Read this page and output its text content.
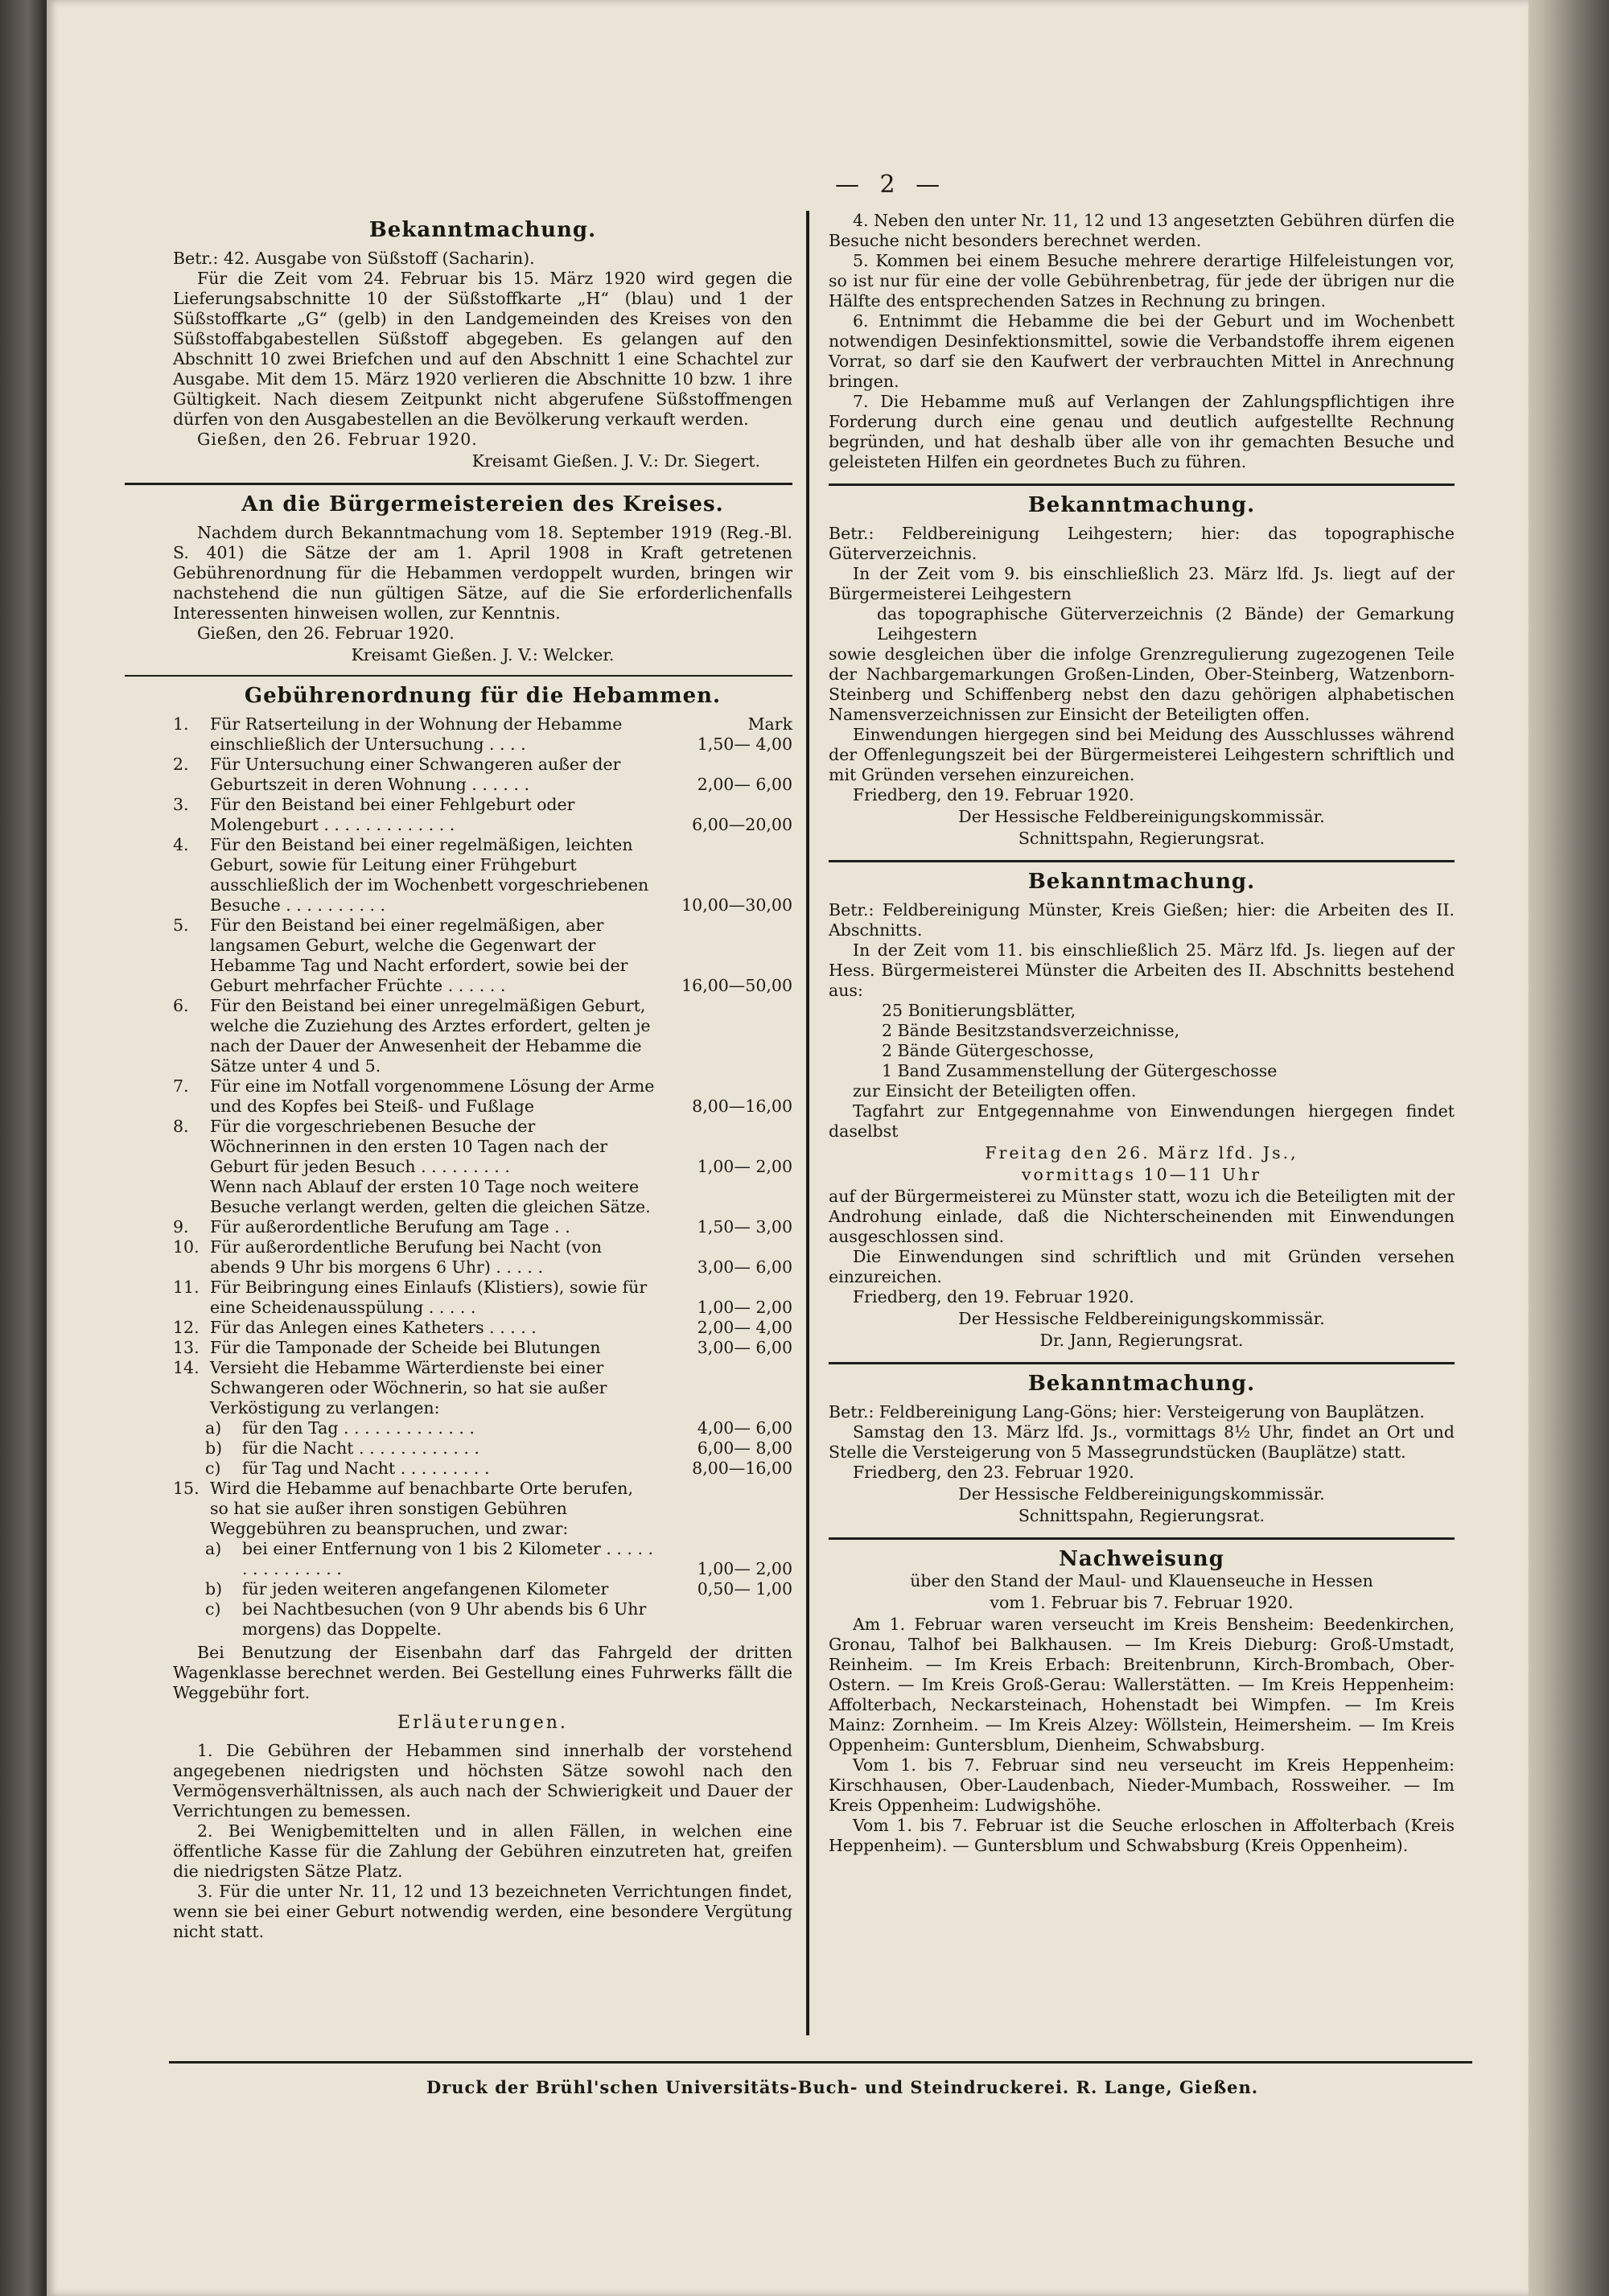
— 2 —
Bekanntmachung.

Betr.: 42. Ausgabe von Süßstoff (Sacharin).

Für die Zeit vom 24. Februar bis 15. März 1920 wird gegen die Lieferungsabschnitte 10 der Süßstoffkarte „H“ (blau) und 1 der Süßstoffkarte „G“ (gelb) in den Landgemeinden des Kreises von den Süßstoffabgabestellen Süßstoff abgegeben. Es gelangen auf den Abschnitt 10 zwei Briefchen und auf den Abschnitt 1 eine Schachtel zur Ausgabe. Mit dem 15. März 1920 verlieren die Abschnitte 10 bzw. 1 ihre Gültigkeit. Nach diesem Zeitpunkt nicht abgerufene Süßstoffmengen dürfen von den Ausgabestellen an die Bevölkerung verkauft werden.

Gießen, den 26. Februar 1920.

Kreisamt Gießen. J. V.: Dr. Siegert.
An die Bürgermeistereien des Kreises.

Nachdem durch Bekanntmachung vom 18. September 1919 (Reg.-Bl. S. 401) die Sätze der am 1. April 1908 in Kraft getretenen Gebührenordnung für die Hebammen verdoppelt wurden, bringen wir nachstehend die nun gültigen Sätze, auf die Sie erforderlichenfalls Interessenten hinweisen wollen, zur Kenntnis.

Gießen, den 26. Februar 1920.

Kreisamt Gießen. J. V.: Welcker.
Gebührenordnung für die Hebammen.
Mark
1. Für Ratserteilung in der Wohnung der Hebamme einschließlich der Untersuchung . . . .	1,50— 4,00
2. Für Untersuchung einer Schwangeren außer der Geburtszeit in deren Wohnung . . . . . .	2,00— 6,00
3. Für den Beistand bei einer Fehlgeburt oder Molengeburt . . . . . . . . . . . . .	6,00—20,00
4. Für den Beistand bei einer regelmäßigen, leichten Geburt, sowie für Leitung einer Frühgeburt ausschließlich der im Wochenbett vorgeschriebenen Besuche . . . . . . . . . .	10,00—30,00
5. Für den Beistand bei einer regelmäßigen, aber langsamen Geburt, welche die Gegenwart der Hebamme Tag und Nacht erfordert, sowie bei der Geburt mehrfacher Früchte . . . . . .	16,00—50,00
6. Für den Beistand bei einer unregelmäßigen Geburt, welche die Zuziehung des Arztes erfordert, gelten je nach der Dauer der Anwesenheit der Hebamme die Sätze unter 4 und 5.
7. Für eine im Notfall vorgenommene Lösung der Arme und des Kopfes bei Steiß- und Fußlage	8,00—16,00
8. Für die vorgeschriebenen Besuche der Wöchnerinnen in den ersten 10 Tagen nach der Geburt für jeden Besuch . . . . . . . . .	1,00— 2,00
Wenn nach Ablauf der ersten 10 Tage noch weitere Besuche verlangt werden, gelten die gleichen Sätze.
9. Für außerordentliche Berufung am Tage . .	1,50— 3,00
10. Für außerordentliche Berufung bei Nacht (von abends 9 Uhr bis morgens 6 Uhr) . . . . .	3,00— 6,00
11. Für Beibringung eines Einlaufs (Klistiers), sowie für eine Scheidenausspülung . . . . .	1,00— 2,00
12. Für das Anlegen eines Katheters . . . . .	2,00— 4,00
13. Für die Tamponade der Scheide bei Blutungen	3,00— 6,00
14. Versieht die Hebamme Wärterdienste bei einer Schwangeren oder Wöchnerin, so hat sie außer Verköstigung zu verlangen:
a) für den Tag . . . . . . . . . . . . .	4,00— 6,00
b) für die Nacht . . . . . . . . . . . .	6,00— 8,00
c) für Tag und Nacht . . . . . . . . .	8,00—16,00
15. Wird die Hebamme auf benachbarte Orte berufen, so hat sie außer ihren sonstigen Gebühren Weggebühren zu beanspruchen, und zwar:
a) bei einer Entfernung von 1 bis 2 Kilometer . . . . . . . . . . . . . . .	1,00— 2,00
b) für jeden weiteren angefangenen Kilometer	0,50— 1,00
c) bei Nachtbesuchen (von 9 Uhr abends bis 6 Uhr morgens) das Doppelte.

Bei Benutzung der Eisenbahn darf das Fahrgeld der dritten Wagenklasse berechnet werden. Bei Gestellung eines Fuhrwerks fällt die Weggebühr fort.

Erläuterungen.

1. Die Gebühren der Hebammen sind innerhalb der vorstehend angegebenen niedrigsten und höchsten Sätze sowohl nach den Vermögensverhältnissen, als auch nach der Schwierigkeit und Dauer der Verrichtungen zu bemessen.

2. Bei Wenigbemittelten und in allen Fällen, in welchen eine öffentliche Kasse für die Zahlung der Gebühren einzutreten hat, greifen die niedrigsten Sätze Platz.

3. Für die unter Nr. 11, 12 und 13 bezeichneten Verrichtungen findet, wenn sie bei einer Geburt notwendig werden, eine besondere Vergütung nicht statt.

4. Neben den unter Nr. 11, 12 und 13 angesetzten Gebühren dürfen die Besuche nicht besonders berechnet werden.

5. Kommen bei einem Besuche mehrere derartige Hilfeleistungen vor, so ist nur für eine der volle Gebührenbetrag, für jede der übrigen nur die Hälfte des entsprechenden Satzes in Rechnung zu bringen.

6. Entnimmt die Hebamme die bei der Geburt und im Wochenbett notwendigen Desinfektionsmittel, sowie die Verbandstoffe ihrem eigenen Vorrat, so darf sie den Kaufwert der verbrauchten Mittel in Anrechnung bringen.

7. Die Hebamme muß auf Verlangen der Zahlungspflichtigen ihre Forderung durch eine genau und deutlich aufgestellte Rechnung begründen, und hat deshalb über alle von ihr gemachten Besuche und geleisteten Hilfen ein geordnetes Buch zu führen.

Bekanntmachung.

Betr.: Feldbereinigung Leihgestern; hier: das topographische Güterverzeichnis.

In der Zeit vom 9. bis einschließlich 23. März lfd. Js. liegt auf der Bürgermeisterei Leihgestern

das topographische Güterverzeichnis (2 Bände) der Gemarkung Leihgestern

sowie desgleichen über die infolge Grenzregulierung zugezogenen Teile der Nachbargemarkungen Großen-Linden, Ober-Steinberg, Watzenborn-Steinberg und Schiffenberg nebst den dazu gehörigen alphabetischen Namensverzeichnissen zur Einsicht der Beteiligten offen.

Einwendungen hiergegen sind bei Meidung des Ausschlusses während der Offenlegungszeit bei der Bürgermeisterei Leihgestern schriftlich und mit Gründen versehen einzureichen.

Friedberg, den 19. Februar 1920.

Der Hessische Feldbereinigungskommissär.
Schnittspahn, Regierungsrat.
Bekanntmachung.

Betr.: Feldbereinigung Münster, Kreis Gießen; hier: die Arbeiten des II. Abschnitts.

In der Zeit vom 11. bis einschließlich 25. März lfd. Js. liegen auf der Hess. Bürgermeisterei Münster die Arbeiten des II. Abschnitts bestehend aus:

25 Bonitierungsblätter,

2 Bände Besitzstandsverzeichnisse,

2 Bände Gütergeschosse,

1 Band Zusammenstellung der Gütergeschosse

zur Einsicht der Beteiligten offen.

Tagfahrt zur Entgegennahme von Einwendungen hiergegen findet daselbst

Freitag den 26. März lfd. Js.,
vormittags 10—11 Uhr

auf der Bürgermeisterei zu Münster statt, wozu ich die Beteiligten mit der Androhung einlade, daß die Nichterscheinenden mit Einwendungen ausgeschlossen sind.

Die Einwendungen sind schriftlich und mit Gründen versehen einzureichen.

Friedberg, den 19. Februar 1920.

Der Hessische Feldbereinigungskommissär.
Dr. Jann, Regierungsrat.
Bekanntmachung.

Betr.: Feldbereinigung Lang-Göns; hier: Versteigerung von Bauplätzen.

Samstag den 13. März lfd. Js., vormittags 8½ Uhr, findet an Ort und Stelle die Versteigerung von 5 Massegrundstücken (Bauplätze) statt.

Friedberg, den 23. Februar 1920.

Der Hessische Feldbereinigungskommissär.
Schnittspahn, Regierungsrat.
Nachweisung
über den Stand der Maul- und Klauenseuche in Hessen
vom 1. Februar bis 7. Februar 1920.

Am 1. Februar waren verseucht im Kreis Bensheim: Beedenkirchen, Gronau, Talhof bei Balkhausen. — Im Kreis Dieburg: Groß-Umstadt, Reinheim. — Im Kreis Erbach: Breitenbrunn, Kirch-Brombach, Ober-Ostern. — Im Kreis Groß-Gerau: Wallerstätten. — Im Kreis Heppenheim: Affolterbach, Neckarsteinach, Hohenstadt bei Wimpfen. — Im Kreis Mainz: Zornheim. — Im Kreis Alzey: Wöllstein, Heimersheim. — Im Kreis Oppenheim: Guntersblum, Dienheim, Schwabsburg.

Vom 1. bis 7. Februar sind neu verseucht im Kreis Heppenheim: Kirschhausen, Ober-Laudenbach, Nieder-Mumbach, Rossweiher. — Im Kreis Oppenheim: Ludwigshöhe.

Vom 1. bis 7. Februar ist die Seuche erloschen in Affolterbach (Kreis Heppenheim). — Guntersblum und Schwabsburg (Kreis Oppenheim).

Druck der Brühl'schen Universitäts-Buch- und Steindruckerei. R. Lange, Gießen.
